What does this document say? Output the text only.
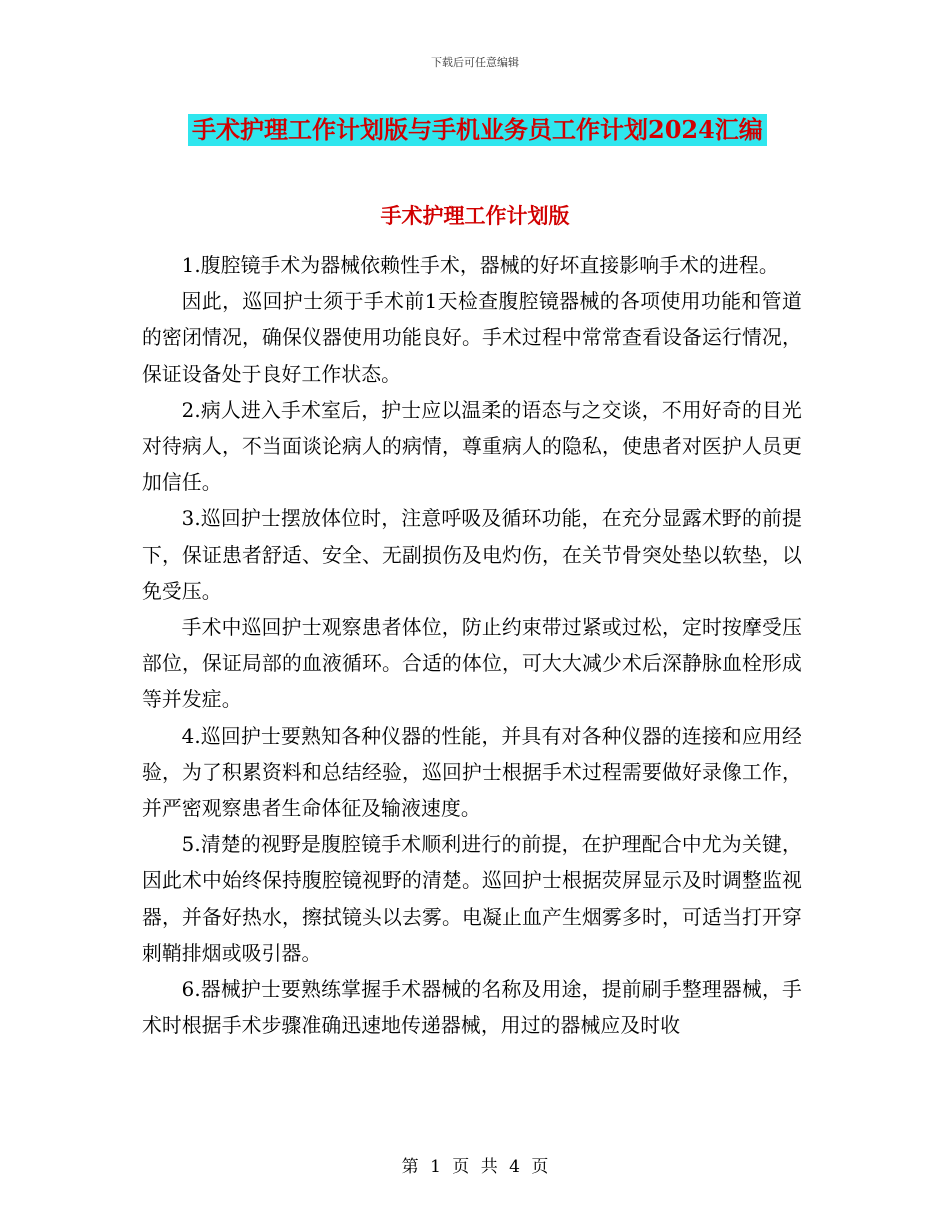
下载后可任意编辑
手术护理工作计划版与手机业务员工作计划2024汇编
手术护理工作计划版

1.腹腔镜手术为器械依赖性手术，器械的好坏直接影响手术的进程。

因此，巡回护士须于手术前1天检查腹腔镜器械的各项使用功能和管道的密闭情况，确保仪器使用功能良好。手术过程中常常查看设备运行情况，保证设备处于良好工作状态。

2.病人进入手术室后，护士应以温柔的语态与之交谈，不用好奇的目光对待病人，不当面谈论病人的病情，尊重病人的隐私，使患者对医护人员更加信任。

3.巡回护士摆放体位时，注意呼吸及循环功能，在充分显露术野的前提下，保证患者舒适、安全、无副损伤及电灼伤，在关节骨突处垫以软垫，以免受压。

手术中巡回护士观察患者体位，防止约束带过紧或过松，定时按摩受压部位，保证局部的血液循环。合适的体位，可大大减少术后深静脉血栓形成等并发症。

4.巡回护士要熟知各种仪器的性能，并具有对各种仪器的连接和应用经验，为了积累资料和总结经验，巡回护士根据手术过程需要做好录像工作，并严密观察患者生命体征及输液速度。

5.清楚的视野是腹腔镜手术顺利进行的前提，在护理配合中尤为关键，因此术中始终保持腹腔镜视野的清楚。巡回护士根据荧屏显示及时调整监视器，并备好热水，擦拭镜头以去雾。电凝止血产生烟雾多时，可适当打开穿刺鞘排烟或吸引器。

6.器械护士要熟练掌握手术器械的名称及用途，提前刷手整理器械，手术时根据手术步骤准确迅速地传递器械，用过的器械应及时收

第 1 页 共 4 页
